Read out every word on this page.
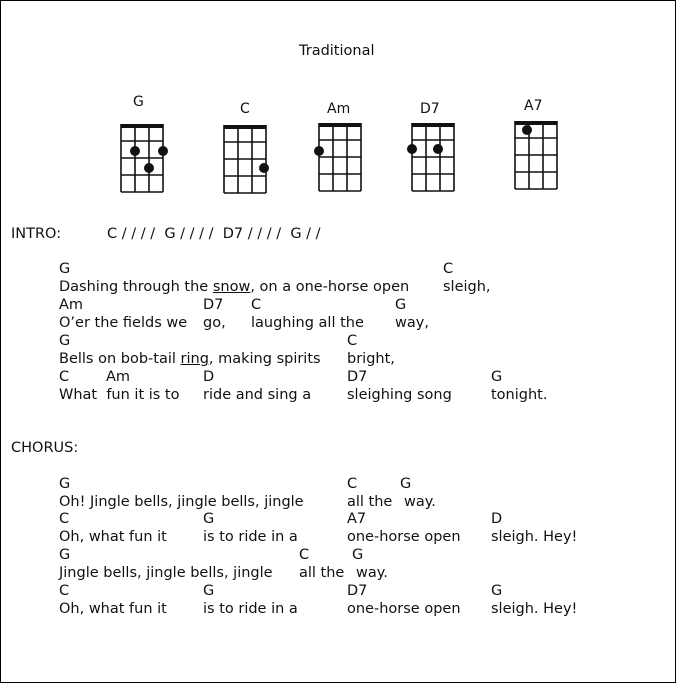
Traditional
G	C	Am	D7	A7
INTRO:	C / / / /  G / / / /  D7 / / / /  G / /
G	C
Dashing through the snow, on a one-horse open sleigh,
Am	D7 C	G
O’er the fields we go, laughing all the way,
G	C
Bells on bob-tail ring, making spirits bright,
C	Am	D	D7	G
What  fun it is to ride and sing a sleighing song	tonight.
CHORUS:
G	C	G
Oh! Jingle bells, jingle bells, jingle	all the way.
C	G	A7	D
Oh, what fun it is to ride in a	one-horse open sleigh. Hey!
G	C	G
Jingle bells, jingle bells, jingle all the way.
C	G	D7	G
Oh, what fun it is to ride in a	one-horse open sleigh. Hey!
